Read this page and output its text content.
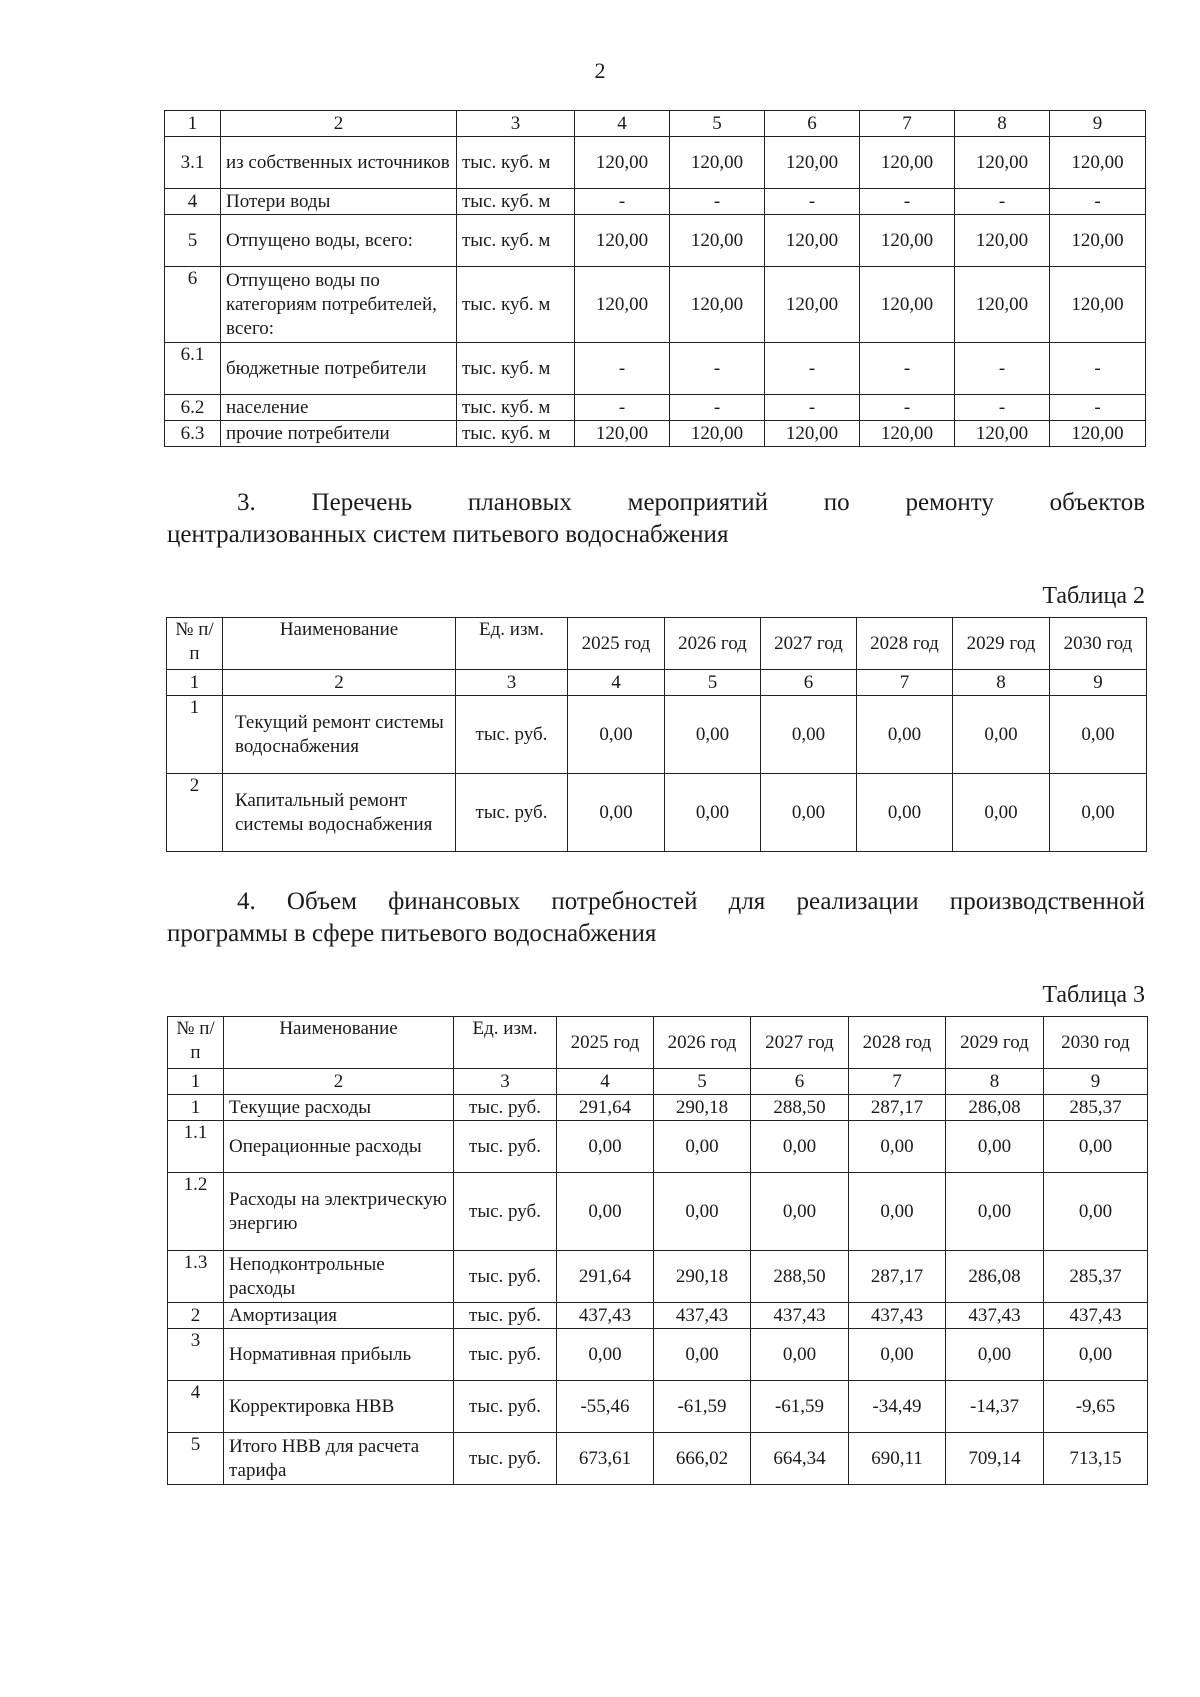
2
1	2	3	4	5	6	7	8	9
3.1	из собственных источников	тыс. куб. м	120,00	120,00	120,00	120,00	120,00	120,00
4	Потери воды	тыс. куб. м	-	-	-	-	-	-
5	Отпущено воды, всего:	тыс. куб. м	120,00	120,00	120,00	120,00	120,00	120,00
6	Отпущено воды по категориям потребителей, всего:	тыс. куб. м	120,00	120,00	120,00	120,00	120,00	120,00
6.1	бюджетные потребители	тыс. куб. м	-	-	-	-	-	-
6.2	население	тыс. куб. м	-	-	-	-	-	-
6.3	прочие потребители	тыс. куб. м	120,00	120,00	120,00	120,00	120,00	120,00
3. Перечень плановых мероприятий по ремонту объектов
централизованных систем питьевого водоснабжения
Таблица 2
№ п/п	Наименование	Ед. изм.	2025 год	2026 год	2027 год	2028 год	2029 год	2030 год
1	2	3	4	5	6	7	8	9
1	Текущий ремонт системы водоснабжения	тыс. руб.	0,00	0,00	0,00	0,00	0,00	0,00
2	Капитальный ремонт системы водоснабжения	тыс. руб.	0,00	0,00	0,00	0,00	0,00	0,00
4. Объем финансовых потребностей для реализации производственной
программы в сфере питьевого водоснабжения
Таблица 3
№ п/п	Наименование	Ед. изм.	2025 год	2026 год	2027 год	2028 год	2029 год	2030 год
1	2	3	4	5	6	7	8	9
1	Текущие расходы	тыс. руб.	291,64	290,18	288,50	287,17	286,08	285,37
1.1	Операционные расходы	тыс. руб.	0,00	0,00	0,00	0,00	0,00	0,00
1.2	Расходы на электрическую энергию	тыс. руб.	0,00	0,00	0,00	0,00	0,00	0,00
1.3	Неподконтрольные расходы	тыс. руб.	291,64	290,18	288,50	287,17	286,08	285,37
2	Амортизация	тыс. руб.	437,43	437,43	437,43	437,43	437,43	437,43
3	Нормативная прибыль	тыс. руб.	0,00	0,00	0,00	0,00	0,00	0,00
4	Корректировка НВВ	тыс. руб.	-55,46	-61,59	-61,59	-34,49	-14,37	-9,65
5	Итого НВВ для расчета тарифа	тыс. руб.	673,61	666,02	664,34	690,11	709,14	713,15
